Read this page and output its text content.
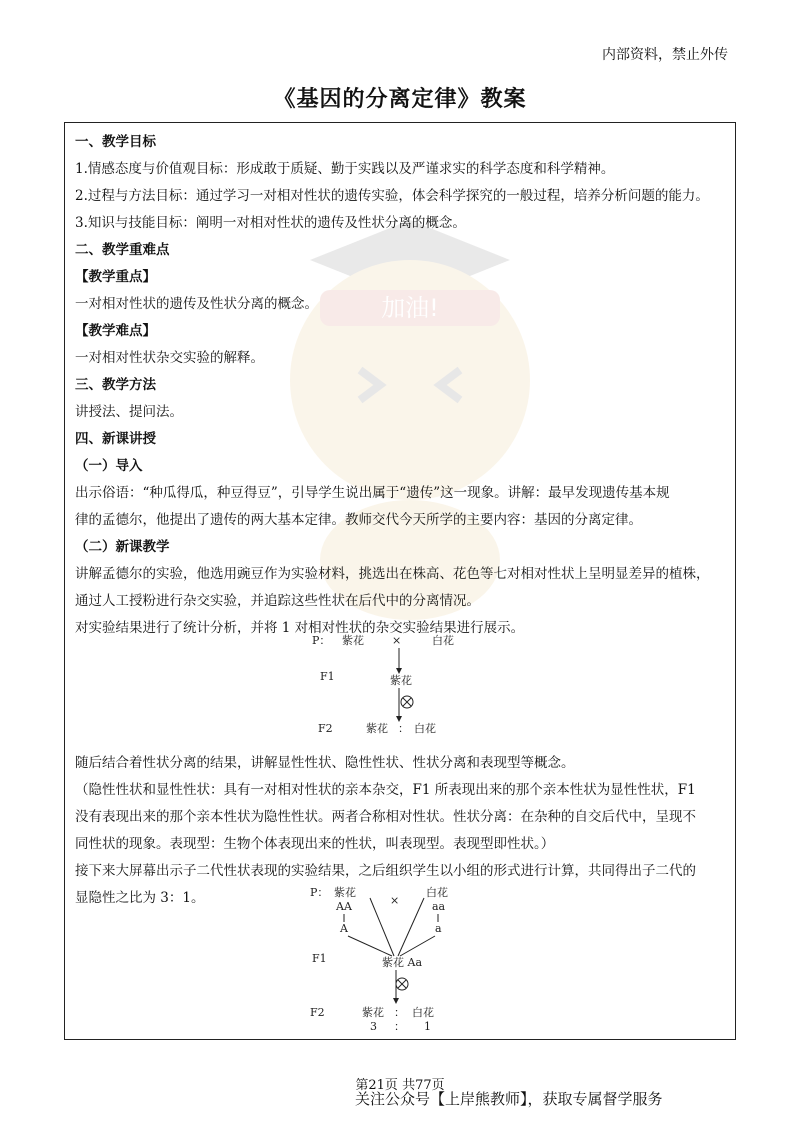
加油!
内部资料，禁止外传
《基因的分离定律》教案
一、教学目标
1.情感态度与价值观目标：形成敢于质疑、勤于实践以及严谨求实的科学态度和科学精神。
2.过程与方法目标：通过学习一对相对性状的遗传实验，体会科学探究的一般过程，培养分析问题的能力。
3.知识与技能目标：阐明一对相对性状的遗传及性状分离的概念。
二、教学重难点
【教学重点】
一对相对性状的遗传及性状分离的概念。
【教学难点】
一对相对性状杂交实验的解释。
三、教学方法
讲授法、提问法。
四、新课讲授
（一）导入
出示俗语：“种瓜得瓜，种豆得豆”，引导学生说出属于“遗传”这一现象。讲解：最早发现遗传基本规
律的孟德尔，他提出了遗传的两大基本定律。教师交代今天所学的主要内容：基因的分离定律。
（二）新课教学
讲解孟德尔的实验，他选用豌豆作为实验材料，挑选出在株高、花色等七对相对性状上呈明显差异的植株，
通过人工授粉进行杂交实验，并追踪这些性状在后代中的分离情况。
对实验结果进行了统计分析，并将 1 对相对性状的杂交实验结果进行展示。
随后结合着性状分离的结果，讲解显性性状、隐性性状、性状分离和表现型等概念。
（隐性性状和显性性状：具有一对相对性状的亲本杂交，F1 所表现出来的那个亲本性状为显性性状，F1
没有表现出来的那个亲本性状为隐性性状。两者合称相对性状。性状分离：在杂种的自交后代中，呈现不
同性状的现象。表现型：生物个体表现出来的性状，叫表现型。表现型即性状。）
接下来大屏幕出示子二代性状表现的实验结果，之后组织学生以小组的形式进行计算，共同得出子二代的
显隐性之比为 3：1。
P： 紫花	×	白花
F1	紫花
F2	紫花 ： 白花
P： 紫花
×
白花
AA	aa
A	a
F1	紫花 Aa
F2	紫花 ： 白花
3 ： 1
第21页 共77页
关注公众号【上岸熊教师】，获取专属督学服务
